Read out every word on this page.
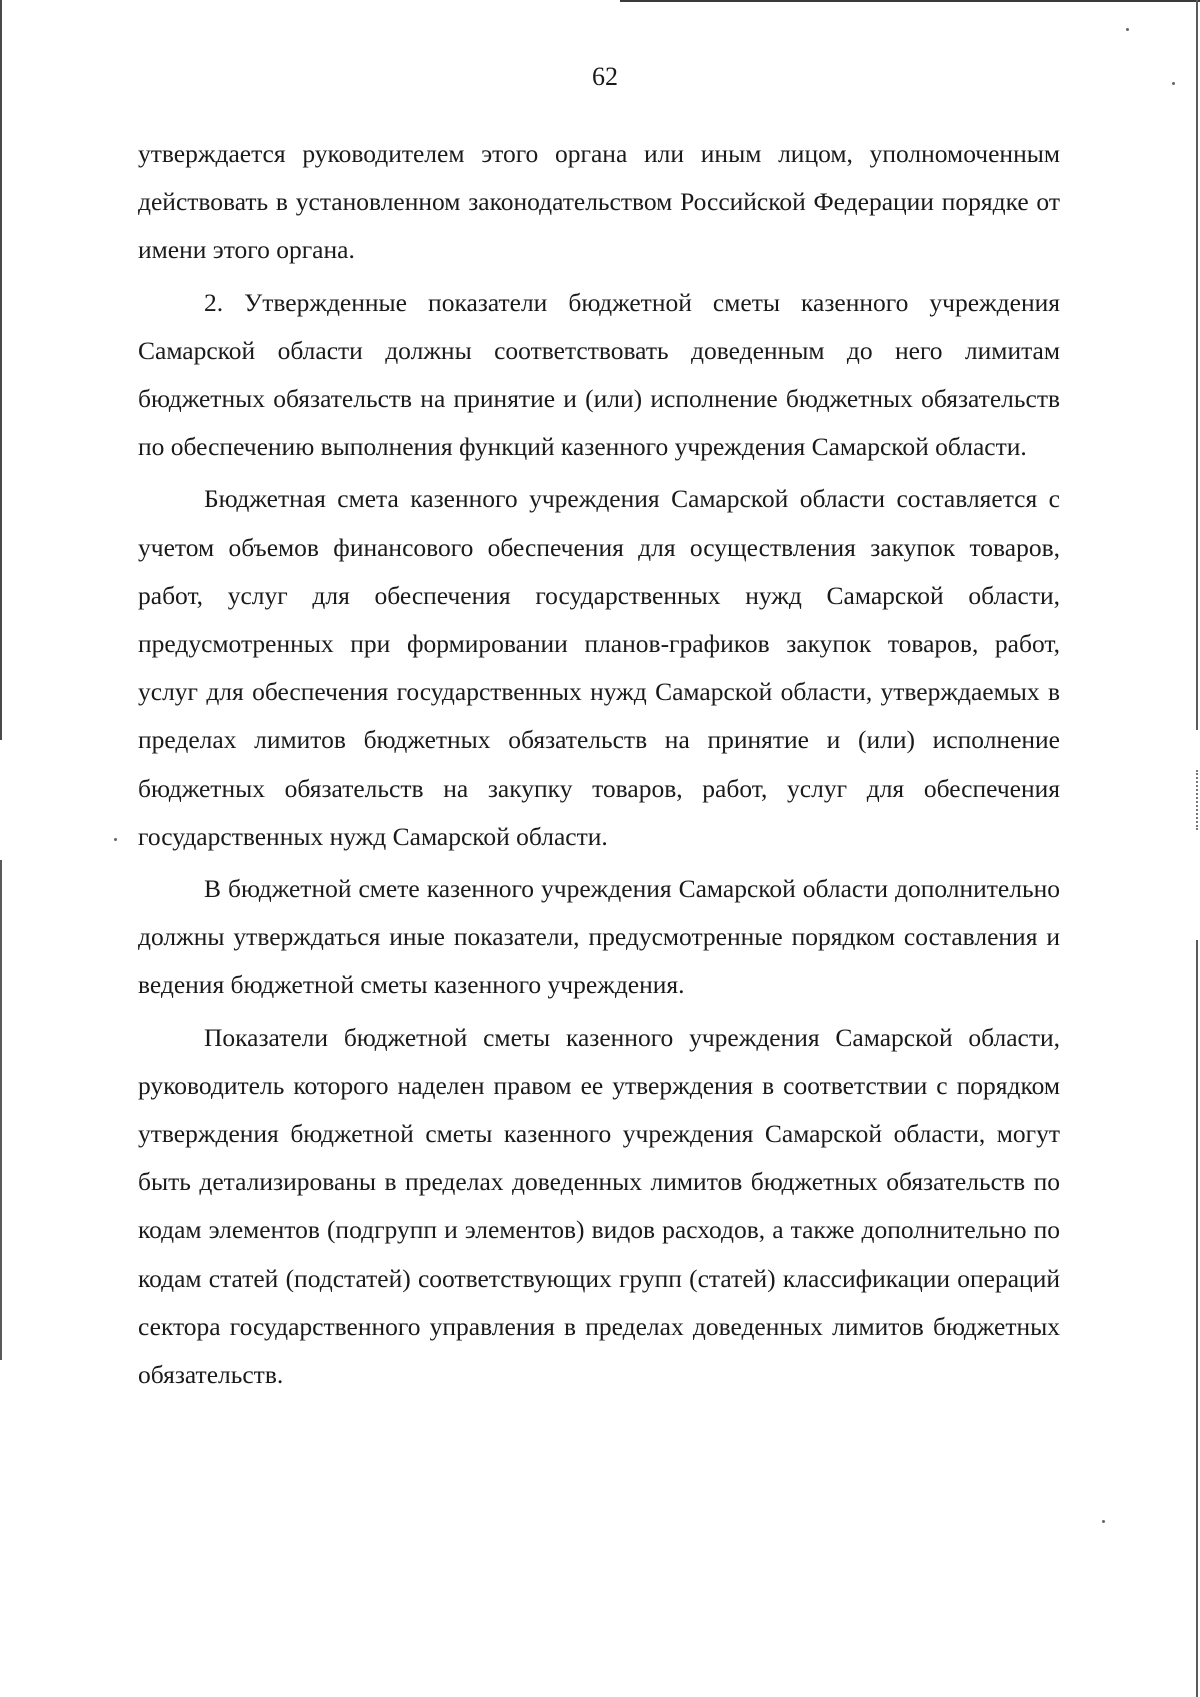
62

утверждается руководителем этого органа или иным лицом, уполномоченным действовать в установленном законодательством Российской Федерации порядке от имени этого органа.

2. Утвержденные показатели бюджетной сметы казенного учреждения Самарской области должны соответствовать доведенным до него лимитам бюджетных обязательств на принятие и (или) исполнение бюджетных обязательств по обеспечению выполнения функций казенного учреждения Самарской области.

Бюджетная смета казенного учреждения Самарской области составляется с учетом объемов финансового обеспечения для осуществления закупок товаров, работ, услуг для обеспечения государственных нужд Самарской области, предусмотренных при формировании планов-графиков закупок товаров, работ, услуг для обеспечения государственных нужд Самарской области, утверждаемых в пределах лимитов бюджетных обязательств на принятие и (или) исполнение бюджетных обязательств на закупку товаров, работ, услуг для обеспечения государственных нужд Самарской области.

В бюджетной смете казенного учреждения Самарской области дополнительно должны утверждаться иные показатели, предусмотренные порядком составления и ведения бюджетной сметы казенного учреждения.

Показатели бюджетной сметы казенного учреждения Самарской области, руководитель которого наделен правом ее утверждения в соответствии с порядком утверждения бюджетной сметы казенного учреждения Самарской области, могут быть детализированы в пределах доведенных лимитов бюджетных обязательств по кодам элементов (подгрупп и элементов) видов расходов, а также дополнительно по кодам статей (подстатей) соответствующих групп (статей) классификации операций сектора государственного управления в пределах доведенных лимитов бюджетных обязательств.
